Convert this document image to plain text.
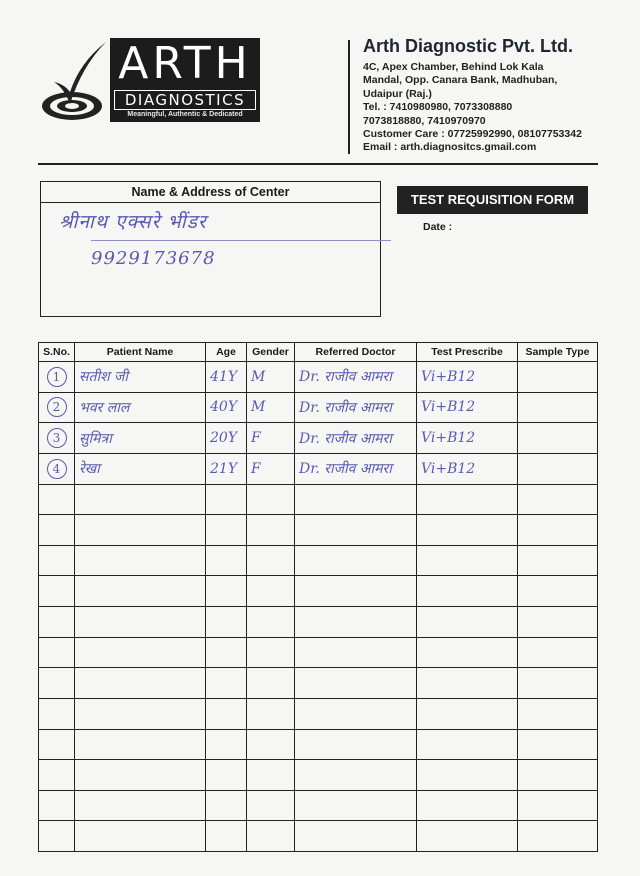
ARTH
DIAGNOSTICS
Meaningful, Authentic & Dedicated
Arth Diagnostic Pvt. Ltd.
4C, Apex Chamber, Behind Lok Kala
Mandal, Opp. Canara Bank, Madhuban,
Udaipur (Raj.)
Tel. : 7410980980, 7073308880
7073818880, 7410970970
Customer Care : 07725992990, 08107753342
Email : arth.diagnositcs.gmail.com
Name & Address of Center
श्रीनाथ एक्सरे भींडर
9929173678
TEST REQUISITION FORM
Date :
S.No.	Patient Name	Age	Gender	Referred Doctor	Test Prescribe	Sample Type
1	सतीश जी	41Y	M	Dr. राजीव आमरा	Vi+B12	
2	भवर लाल	40Y	M	Dr. राजीव आमरा	Vi+B12	
3	सुमित्रा	20Y	F	Dr. राजीव आमरा	Vi+B12	
4	रेखा	21Y	F	Dr. राजीव आमरा	Vi+B12	
